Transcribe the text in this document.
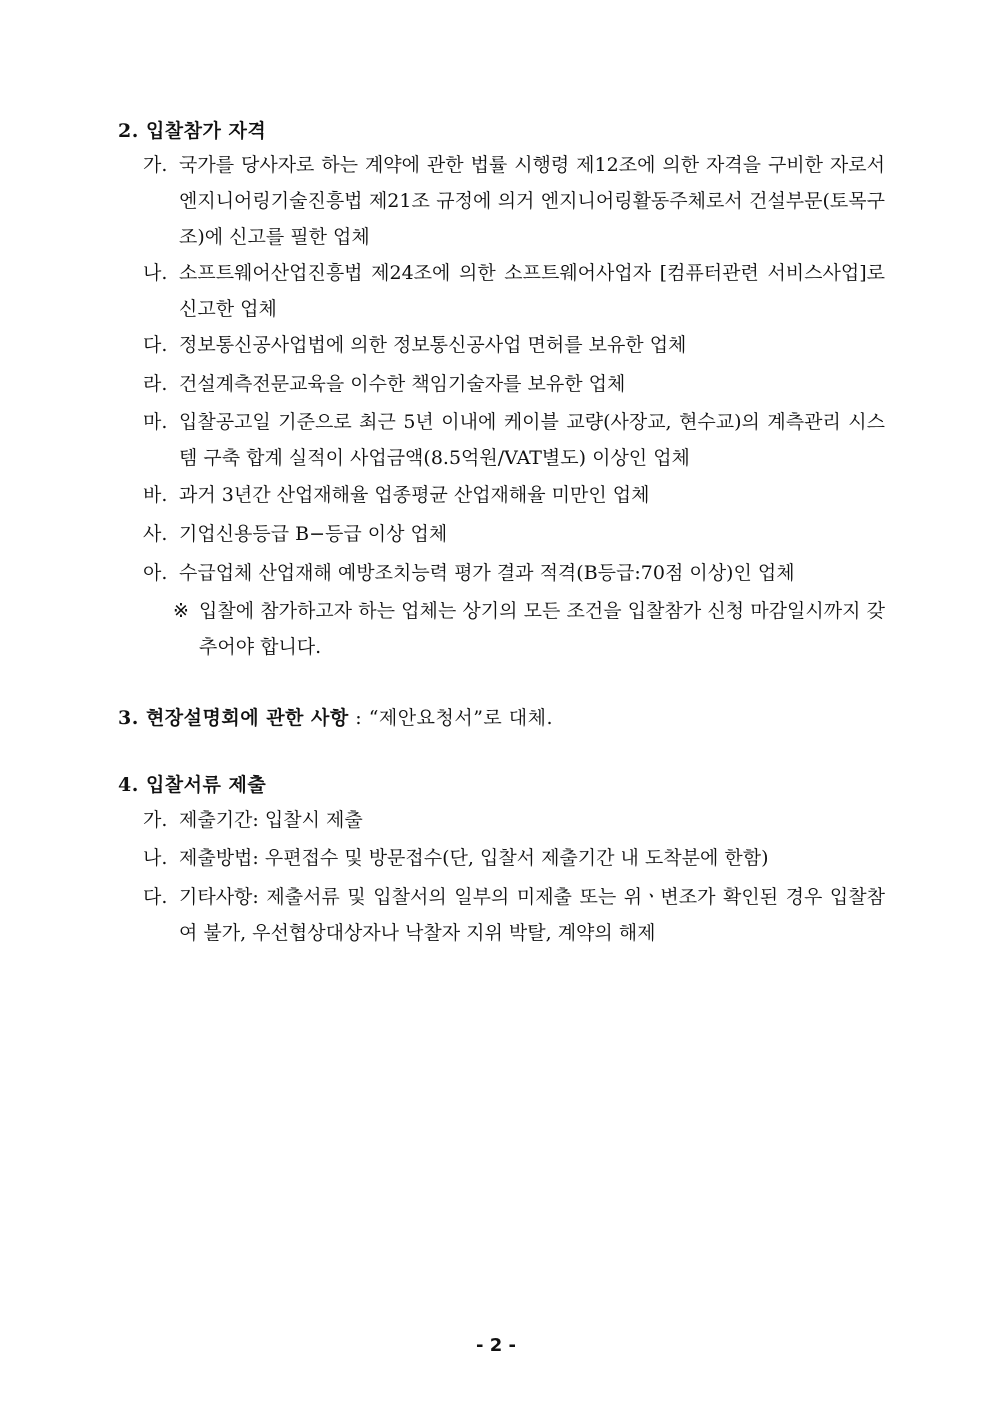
2. 입찰참가 자격
가. 국가를 당사자로 하는 계약에 관한 법률 시행령 제12조에 의한 자격을 구비한 자로서 엔지니어링기술진흥법 제21조 규정에 의거 엔지니어링활동주체로서 건설부문(토목구조)에 신고를 필한 업체
나. 소프트웨어산업진흥법 제24조에 의한 소프트웨어사업자 [컴퓨터관련 서비스사업]로 신고한 업체
다. 정보통신공사업법에 의한 정보통신공사업 면허를 보유한 업체
라. 건설계측전문교육을 이수한 책임기술자를 보유한 업체
마. 입찰공고일 기준으로 최근 5년 이내에 케이블 교량(사장교, 현수교)의 계측관리 시스템 구축 합계 실적이 사업금액(8.5억원/VAT별도) 이상인 업체
바. 과거 3년간 산업재해율 업종평균 산업재해율 미만인 업체
사. 기업신용등급 B−등급 이상 업체
아. 수급업체 산업재해 예방조치능력 평가 결과 적격(B등급:70점 이상)인 업체
※ 입찰에 참가하고자 하는 업체는 상기의 모든 조건을 입찰참가 신청 마감일시까지 갖추어야 합니다.
3. 현장설명회에 관한 사항 : “제안요청서”로 대체.
4. 입찰서류 제출
가. 제출기간: 입찰시 제출
나. 제출방법: 우편접수 및 방문접수(단, 입찰서 제출기간 내 도착분에 한함)
다. 기타사항: 제출서류 및 입찰서의 일부의 미제출 또는 위ㆍ변조가 확인된 경우 입찰참여 불가, 우선협상대상자나 낙찰자 지위 박탈, 계약의 해제
- 2 -
